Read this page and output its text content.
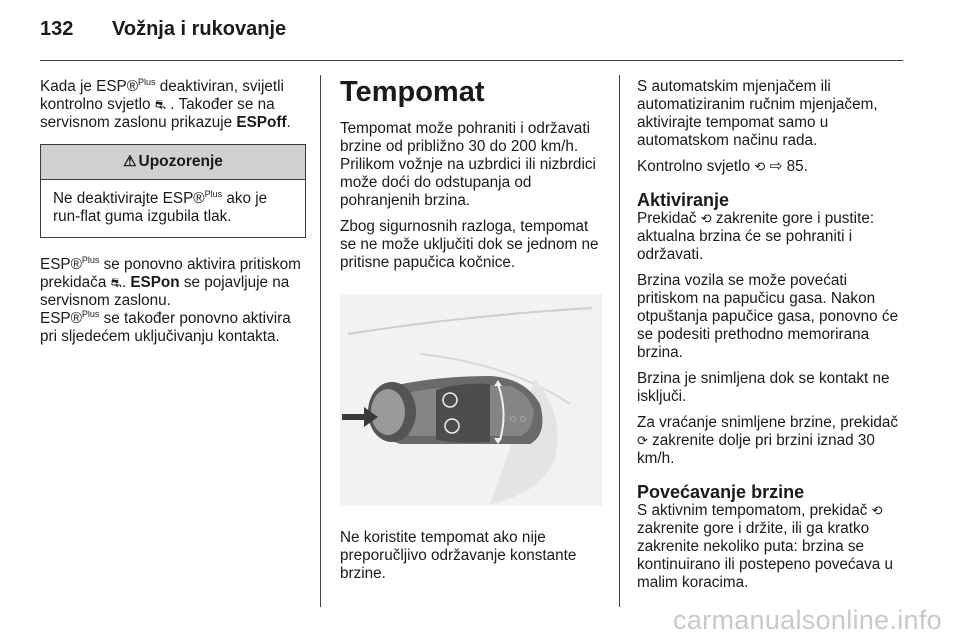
132 Vožnja i rukovanje

Kada je ESP®$^{Plus}$ deaktiviran, svijetli kontrolno svjetlo ⛐ . Također se na servisnom zaslonu prikazuje ESPoff.

⚠ Upozorenje
Ne deaktivirajte ESP®$^{Plus}$ ako je run-flat guma izgubila tlak.

ESP®$^{Plus}$ se ponovno aktivira pritiskom prekidača ⛐. ESPon se pojavljuje na servisnom zaslonu.
ESP®$^{Plus}$ se također ponovno aktivira pri sljedećem uključivanju kontakta.

Tempomat

Tempomat može pohraniti i održavati brzine od približno 30 do 200 km/h. Prilikom vožnje na uzbrdici ili nizbrdici može doći do odstupanja od pohranjenih brzina.

Zbog sigurnosnih razloga, tempomat se ne može uključiti dok se jednom ne pritisne papučica kočnice.

◌ ◌

Ne koristite tempomat ako nije preporučljivo održavanje konstante brzine.

S automatskim mjenjačem ili automatiziranim ručnim mjenjačem, aktivirajte tempomat samo u automatskom načinu rada.

Kontrolno svjetlo ⟲ ⇨ 85.

Aktiviranje

Prekidač ⟲ zakrenite gore i pustite: aktualna brzina će se pohraniti i održavati.

Brzina vozila se može povećati pritiskom na papučicu gasa. Nakon otpuštanja papučice gasa, ponovno će se podesiti prethodno memorirana brzina.

Brzina je snimljena dok se kontakt ne isključi.

Za vraćanje snimljene brzine, prekidač ⟳ zakrenite dolje pri brzini iznad 30 km/h.

Povećavanje brzine

S aktivnim tempomatom, prekidač ⟲ zakrenite gore i držite, ili ga kratko zakrenite nekoliko puta: brzina se kontinuirano ili postepeno povećava u malim koracima.

carmanualsonline.info
